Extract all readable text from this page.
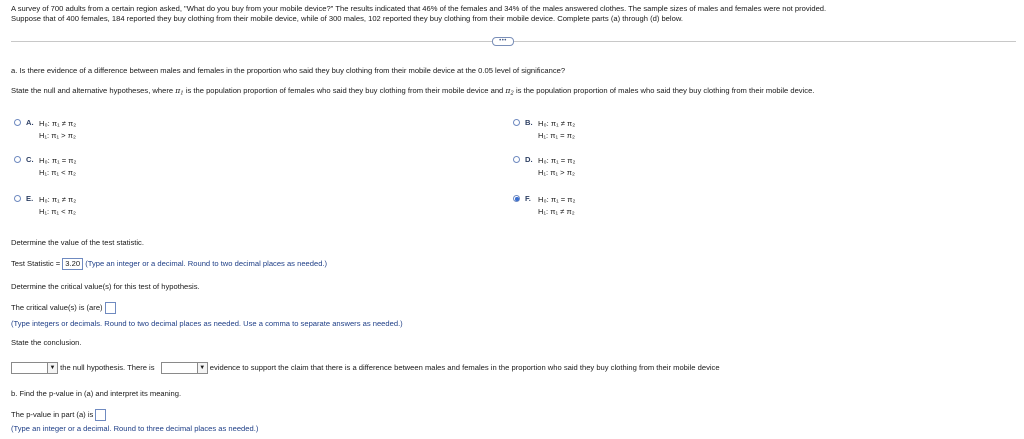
A survey of 700 adults from a certain region asked, "What do you buy from your mobile device?" The results indicated that 46% of the females and 34% of the males answered clothes. The sample sizes of males and females were not provided.
Suppose that of 400 females, 184 reported they buy clothing from their mobile device, while of 300 males, 102 reported they buy clothing from their mobile device. Complete parts (a) through (d) below.
•••
a. Is there evidence of a difference between males and females in the proportion who said they buy clothing from their mobile device at the 0.05 level of significance?
State the null and alternative hypotheses, where $\pi_1$ is the population proportion of females who said they buy clothing from their mobile device and $\pi_2$ is the population proportion of males who said they buy clothing from their mobile device.
A. H₀: π₁ ≠ π₂
H₁: π₁ > π₂
B. H₀: π₁ ≠ π₂
H₁: π₁ = π₂
C. H₀: π₁ = π₂
H₁: π₁ < π₂
D. H₀: π₁ = π₂
H₁: π₁ > π₂
E. H₀: π₁ ≠ π₂
H₁: π₁ < π₂
F. H₀: π₁ = π₂
H₁: π₁ ≠ π₂
Determine the value of the test statistic.
Test Statistic = 3.20 (Type an integer or a decimal. Round to two decimal places as needed.)
Determine the critical value(s) for this test of hypothesis.
The critical value(s) is (are)
(Type integers or decimals. Round to two decimal places as needed. Use a comma to separate answers as needed.)
State the conclusion.
▼ the null hypothesis. There is	▼ evidence to support the claim that there is a difference between males and females in the proportion who said they buy clothing from their mobile device
b. Find the p-value in (a) and interpret its meaning.
The p-value in part (a) is
(Type an integer or a decimal. Round to three decimal places as needed.)
